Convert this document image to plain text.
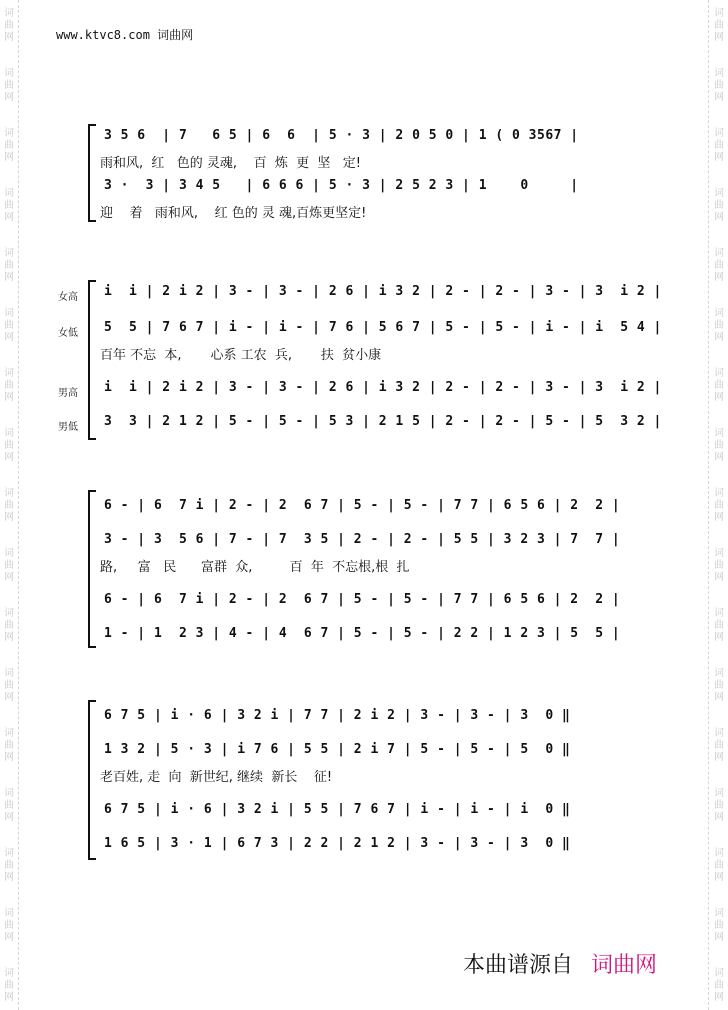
词
曲
网
词
曲
网
词
曲
网
词
曲
网
词
曲
网
词
曲
网
词
曲
网
词
曲
网
词
曲
网
词
曲
网
词
曲
网
词
曲
网
词
曲
网
词
曲
网
词
曲
网
词
曲
网
词
曲
网
词
曲
网
词
曲
网
词
曲
网
词
曲
网
词
曲
网
词
曲
网
词
曲
网
词
曲
网
词
曲
网
词
曲
网
词
曲
网
词
曲
网
词
曲
网
词
曲
网
词
曲
网
词
曲
网
词
曲
网
www.ktvc8.com 词曲网
3 5 6  | 7   6 5 | 6  6  | 5 · 3 | 2 0 5 0 | 1 ( 0 3567 |
雨和风,  红   色的 灵魂,    百  炼  更  坚   定!
3 ·  3 | 3 4 5   | 6 6 6 | 5 · 3 | 2 5 2 3 | 1    0     |
迎    着   雨和风,    红 色的 灵 魂,百炼更坚定!
女高 i  i | 2 i 2 | 3 - | 3 - | 2 6 | i 3 2 | 2 - | 2 - | 3 - | 3  i 2 |
女低 5  5 | 7 6 7 | i - | i - | 7 6 | 5 6 7 | 5 - | 5 - | i - | i  5 4 |
百年 不忘  本,       心系 工农  兵,       扶  贫小康
男高 i  i | 2 i 2 | 3 - | 3 - | 2 6 | i 3 2 | 2 - | 2 - | 3 - | 3  i 2 |
男低 3  3 | 2 1 2 | 5 - | 5 - | 5 3 | 2 1 5 | 2 - | 2 - | 5 - | 5  3 2 |
6 - | 6  7 i | 2 - | 2  6 7 | 5 - | 5 - | 7 7 | 6 5 6 | 2  2 |
3 - | 3  5 6 | 7 - | 7  3 5 | 2 - | 2 - | 5 5 | 3 2 3 | 7  7 |
路,     富   民      富群  众,         百  年  不忘根,根  扎
6 - | 6  7 i | 2 - | 2  6 7 | 5 - | 5 - | 7 7 | 6 5 6 | 2  2 |
1 - | 1  2 3 | 4 - | 4  6 7 | 5 - | 5 - | 2 2 | 1 2 3 | 5  5 |
6 7 5 | i · 6 | 3 2 i | 7 7 | 2 i 2 | 3 - | 3 - | 3  0 ‖
1 3 2 | 5 · 3 | i 7 6 | 5 5 | 2 i 7 | 5 - | 5 - | 5  0 ‖
老百姓, 走  向  新世纪, 继续  新长    征!
6 7 5 | i · 6 | 3 2 i | 5 5 | 7 6 7 | i - | i - | i  0 ‖
1 6 5 | 3 · 1 | 6 7 3 | 2 2 | 2 1 2 | 3 - | 3 - | 3  0 ‖
本曲谱源自 词曲网
